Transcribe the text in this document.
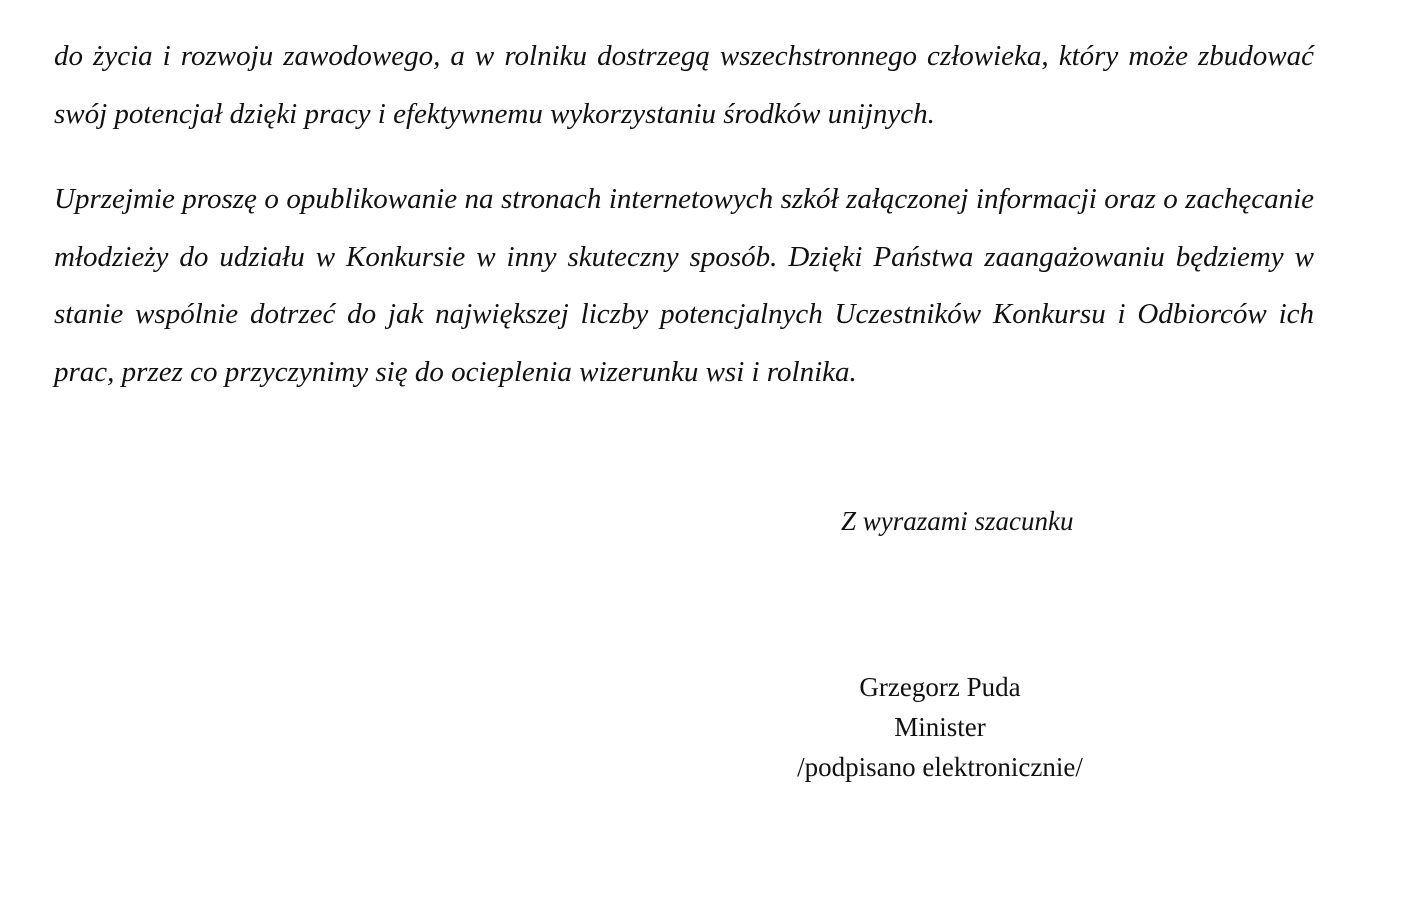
do życia i rozwoju zawodowego, a w rolniku dostrzegą wszechstronnego człowieka, który może zbudować swój potencjał dzięki pracy i efektywnemu wykorzystaniu środków unijnych.

Uprzejmie proszę o opublikowanie na stronach internetowych szkół załączonej informacji oraz o zachęcanie młodzieży do udziału w Konkursie w inny skuteczny sposób. Dzięki Państwa zaangażowaniu będziemy w stanie wspólnie dotrzeć do jak największej liczby potencjalnych Uczestników Konkursu i Odbiorców ich prac, przez co przyczynimy się do ocieplenia wizerunku wsi i rolnika.

Z wyrazami szacunku

Grzegorz Puda

Minister

/podpisano elektronicznie/
